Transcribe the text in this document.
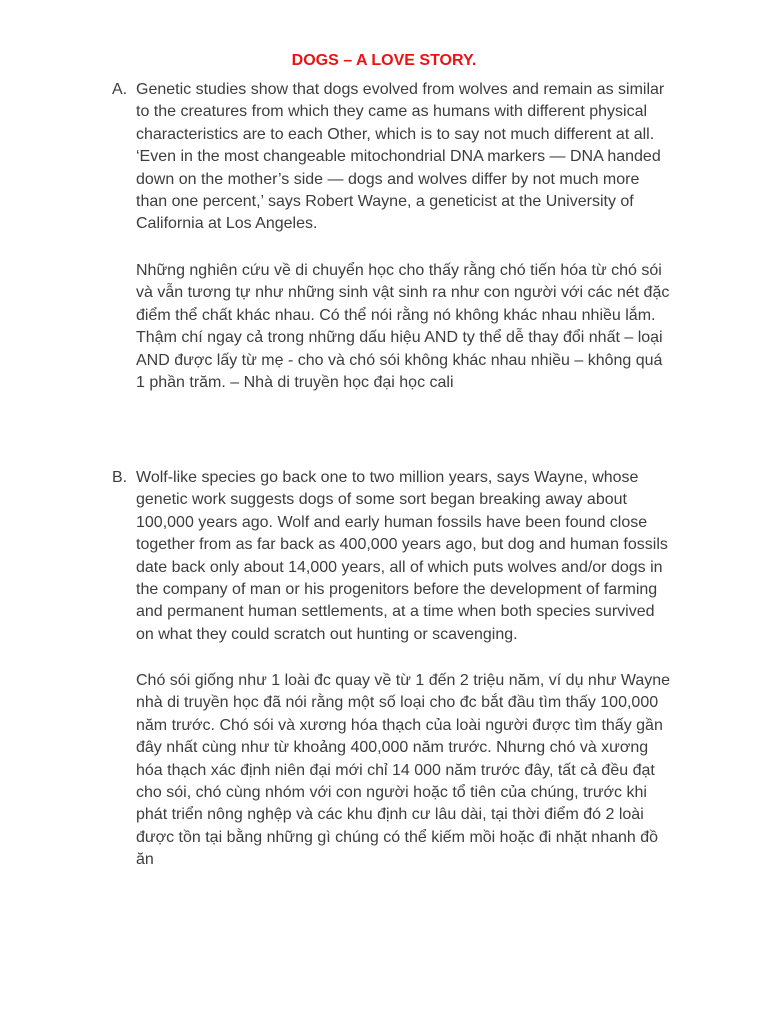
DOGS – A LOVE STORY.
A. Genetic studies show that dogs evolved from wolves and remain as similar
to the creatures from which they came as humans with different physical
characteristics are to each Other, which is to say not much different at all.
‘Even in the most changeable mitochondrial DNA markers — DNA handed
down on the mother’s side — dogs and wolves differ by not much more
than one percent,’ says Robert Wayne, a geneticist at the University of
California at Los Angeles.
Những nghiên cứu về di chuyển học cho thấy rằng chó tiến hóa từ chó sói
và vẫn tương tự như những sinh vật sinh ra như con người với các nét đặc
điểm thể chất khác nhau. Có thể nói rằng nó không khác nhau nhiều lắm.
Thậm chí ngay cả trong những dấu hiệu AND ty thể dễ thay đổi nhất – loại
AND được lấy từ mẹ - cho và chó sói không khác nhau nhiều – không quá
1 phần trăm. – Nhà di truyền học đại học cali
B. Wolf-like species go back one to two million years, says Wayne, whose
genetic work suggests dogs of some sort began breaking away about
100,000 years ago. Wolf and early human fossils have been found close
together from as far back as 400,000 years ago, but dog and human fossils
date back only about 14,000 years, all of which puts wolves and/or dogs in
the company of man or his progenitors before the development of farming
and permanent human settlements, at a time when both species survived
on what they could scratch out hunting or scavenging.
Chó sói giống như 1 loài đc quay về từ 1 đến 2 triệu năm, ví dụ như Wayne
nhà di truyền học đã nói rằng một số loại cho đc bắt đầu tìm thấy 100,000
năm trước. Chó sói và xương hóa thạch của loài người được tìm thấy gần
đây nhất cùng như từ khoảng 400,000 năm trước. Nhưng chó và xương
hóa thạch xác định niên đại mới chỉ 14 000 năm trước đây, tất cả đều đạt
cho sói, chó cùng nhóm với con người hoặc tổ tiên của chúng, trước khi
phát triển nông nghệp và các khu định cư lâu dài, tại thời điểm đó 2 loài
được tồn tại bằng những gì chúng có thể kiếm mồi hoặc đi nhặt nhanh đồ
ăn
